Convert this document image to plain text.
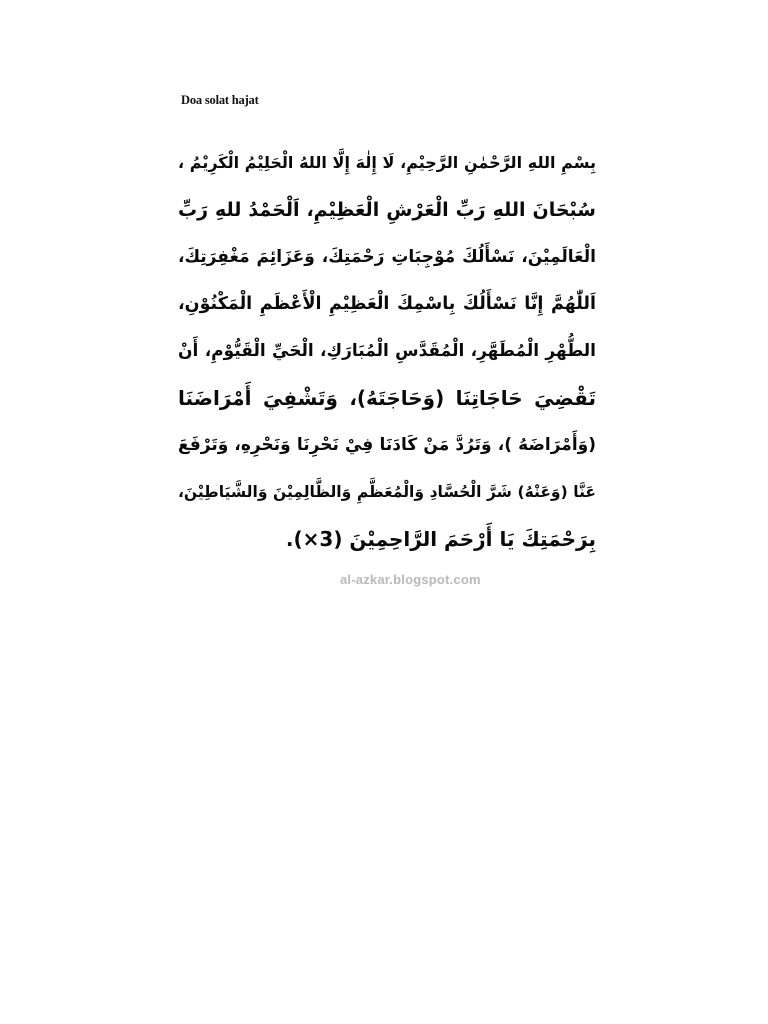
Doa solat hajat
بِسْمِ اللهِ الرَّحْمٰنِ الرَّحِيْمِ، لَا إِلٰهَ إِلَّا اللهُ الْحَلِيْمُ الْكَرِيْمُ ،
سُبْحَانَ اللهِ رَبِّ الْعَرْشِ الْعَظِيْمِ، اَلْحَمْدُ للهِ رَبِّ
الْعَالَمِيْنَ، نَسْأَلُكَ مُوْجِبَاتِ رَحْمَتِكَ، وَعَزَائِمَ مَغْفِرَتِكَ،
اَللّٰهُمَّ إِنَّا نَسْأَلُكَ بِاسْمِكَ الْعَظِيْمِ الْأَعْظَمِ الْمَكْنُوْنِ،
الطُّهْرِ الْمُطَهَّرِ، الْمُقَدَّسِ الْمُبَارَكِ، الْحَيِّ الْقَيُّوْمِ، أَنْ
تَقْضِيَ حَاجَاتِنَا (وَحَاجَتَهُ)، وَتَشْفِيَ أَمْرَاضَنَا
(وَأَمْرَاضَهُ )، وَتَرُدَّ مَنْ كَادَنَا فِيْ نَحْرِنَا وَنَحْرِهِ، وَتَرْفَعَ
عَنَّا (وَعَنْهُ) شَرَّ الْحُسَّادِ وَالْمُعَظَّمِ وَالظَّالِمِيْنَ وَالشَّيَاطِيْنَ،
بِرَحْمَتِكَ يَا أَرْحَمَ الرَّاحِمِيْنَ (3×).
al-azkar.blogspot.com
